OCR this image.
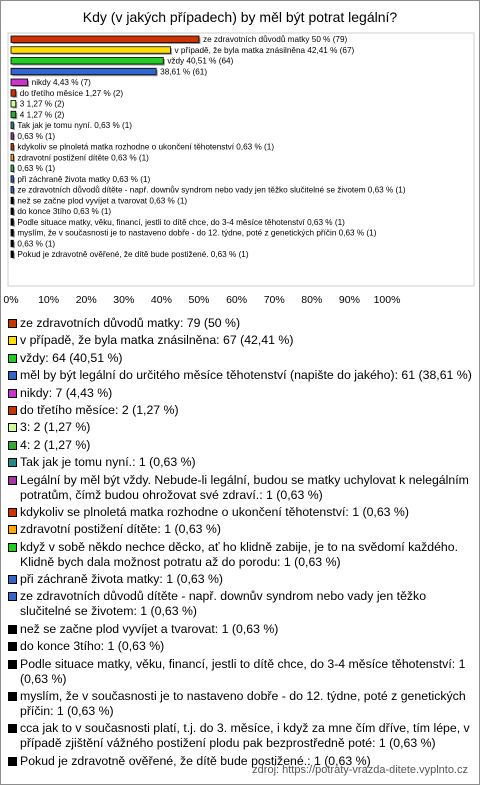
Kdy (v jakých případech) by měl být potrat legální?
ze zdravotních důvodů matky 50 % (79)
v případě, že byla matka znásilněna 42,41 % (67)
vždy 40,51 % (64)
38,61 % (61)
nikdy 4,43 % (7)
do třetího měsíce 1,27 % (2)
3 1,27 % (2)
4 1,27 % (2)
Tak jak je tomu nyní. 0,63 % (1)
0,63 % (1)
kdykoliv se plnoletá matka rozhodne o ukončení těhotenství 0,63 % (1)
zdravotní postižení dítěte 0,63 % (1)
0,63 % (1)
při záchraně života matky 0,63 % (1)
ze zdravotních důvodů dítěte - např. downův syndrom nebo vady jen těžko slučitelné se životem 0,63 % (1)
než se začne plod vyvíjet a tvarovat 0,63 % (1)
do konce 3tího 0,63 % (1)
Podle situace matky, věku, financí, jestli to dítě chce, do 3-4 měsíce těhotenství 0,63 % (1)
myslím, že v současnosti je to nastaveno dobře - do 12. týdne, poté z genetických příčin 0,63 % (1)
0,63 % (1)
Pokud je zdravotně ověřené, že dítě bude postižené. 0,63 % (1)
0% 10% 20% 30% 40% 50% 60% 70% 80% 90% 100%
ze zdravotních důvodů matky: 79 (50 %)
v případě, že byla matka znásilněna: 67 (42,41 %)
vždy: 64 (40,51 %)
měl by být legální do určitého měsíce těhotenství (napište do jakého): 61 (38,61 %)
nikdy: 7 (4,43 %)
do třetího měsíce: 2 (1,27 %)
3: 2 (1,27 %)
4: 2 (1,27 %)
Tak jak je tomu nyní.: 1 (0,63 %)
Legální by měl být vždy. Nebude-li legální, budou se matky uchylovat k nelegálním potratům, čímž budou ohrožovat své zdraví.: 1 (0,63 %)
kdykoliv se plnoletá matka rozhodne o ukončení těhotenství: 1 (0,63 %)
zdravotní postižení dítěte: 1 (0,63 %)
když v sobě někdo nechce děcko, ať ho klidně zabije, je to na svědomí každého. Klidně bych dala možnost potratu až do porodu: 1 (0,63 %)
při záchraně života matky: 1 (0,63 %)
ze zdravotních důvodů dítěte - např. downův syndrom nebo vady jen těžko slučitelné se životem: 1 (0,63 %)
než se začne plod vyvíjet a tvarovat: 1 (0,63 %)
do konce 3tího: 1 (0,63 %)
Podle situace matky, věku, financí, jestli to dítě chce, do 3-4 měsíce těhotenství: 1 (0,63 %)
myslím, že v současnosti je to nastaveno dobře - do 12. týdne, poté z genetických příčin: 1 (0,63 %)
cca jak to v současnosti platí, t.j. do 3. měsíce, i když za mne čím dříve, tím lépe, v případě zjištění vážného postižení plodu pak bezprostředně poté: 1 (0,63 %)
Pokud je zdravotně ověřené, že dítě bude postižené.: 1 (0,63 %)
zdroj: https://potraty-vrazda-ditete.vyplnto.cz
